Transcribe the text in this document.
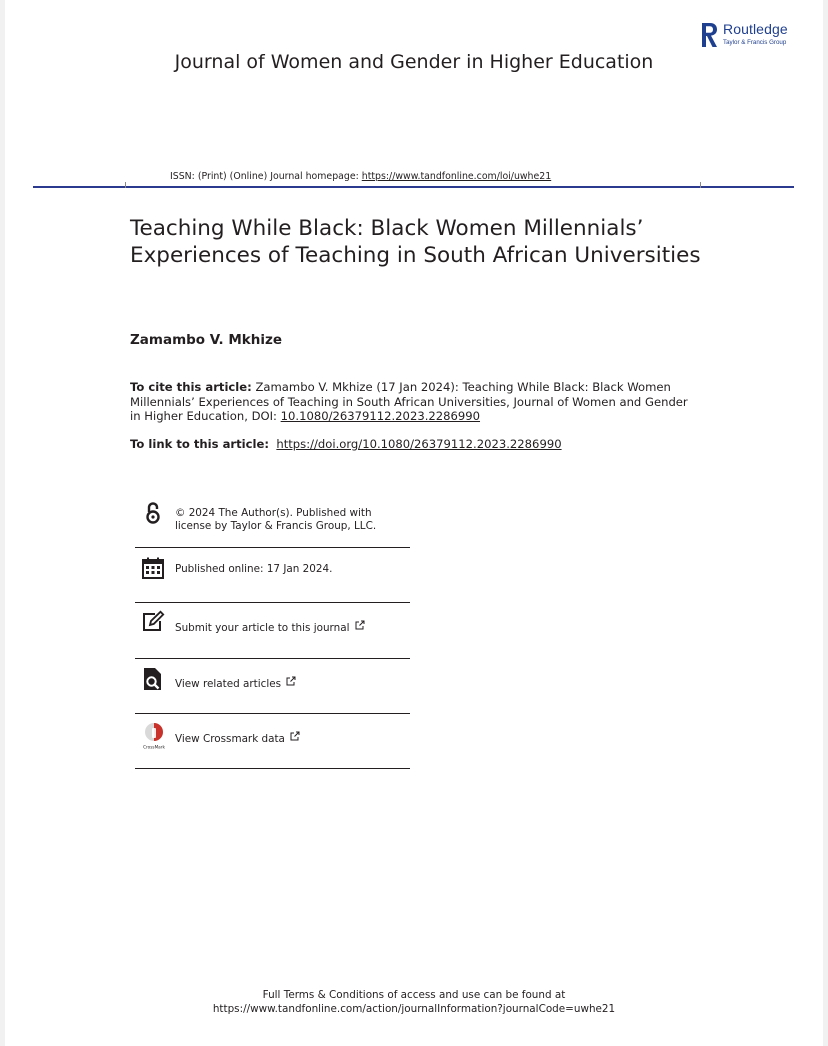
Routledge
Taylor & Francis Group
Journal of Women and Gender in Higher Education
ISSN: (Print) (Online) Journal homepage: https://www.tandfonline.com/loi/uwhe21
Teaching While Black: Black Women Millennials’ Experiences of Teaching in South African Universities
Zamambo V. Mkhize
To cite this article: Zamambo V. Mkhize (17 Jan 2024): Teaching While Black: Black Women Millennials’ Experiences of Teaching in South African Universities, Journal of Women and Gender in Higher Education, DOI: 10.1080/26379112.2023.2286990
To link to this article: https://doi.org/10.1080/26379112.2023.2286990
© 2024 The Author(s). Published with
license by Taylor & Francis Group, LLC.
Published online: 17 Jan 2024.
Submit your article to this journal
View related articles
CrossMark
View Crossmark data
Full Terms & Conditions of access and use can be found at
https://www.tandfonline.com/action/journalInformation?journalCode=uwhe21
